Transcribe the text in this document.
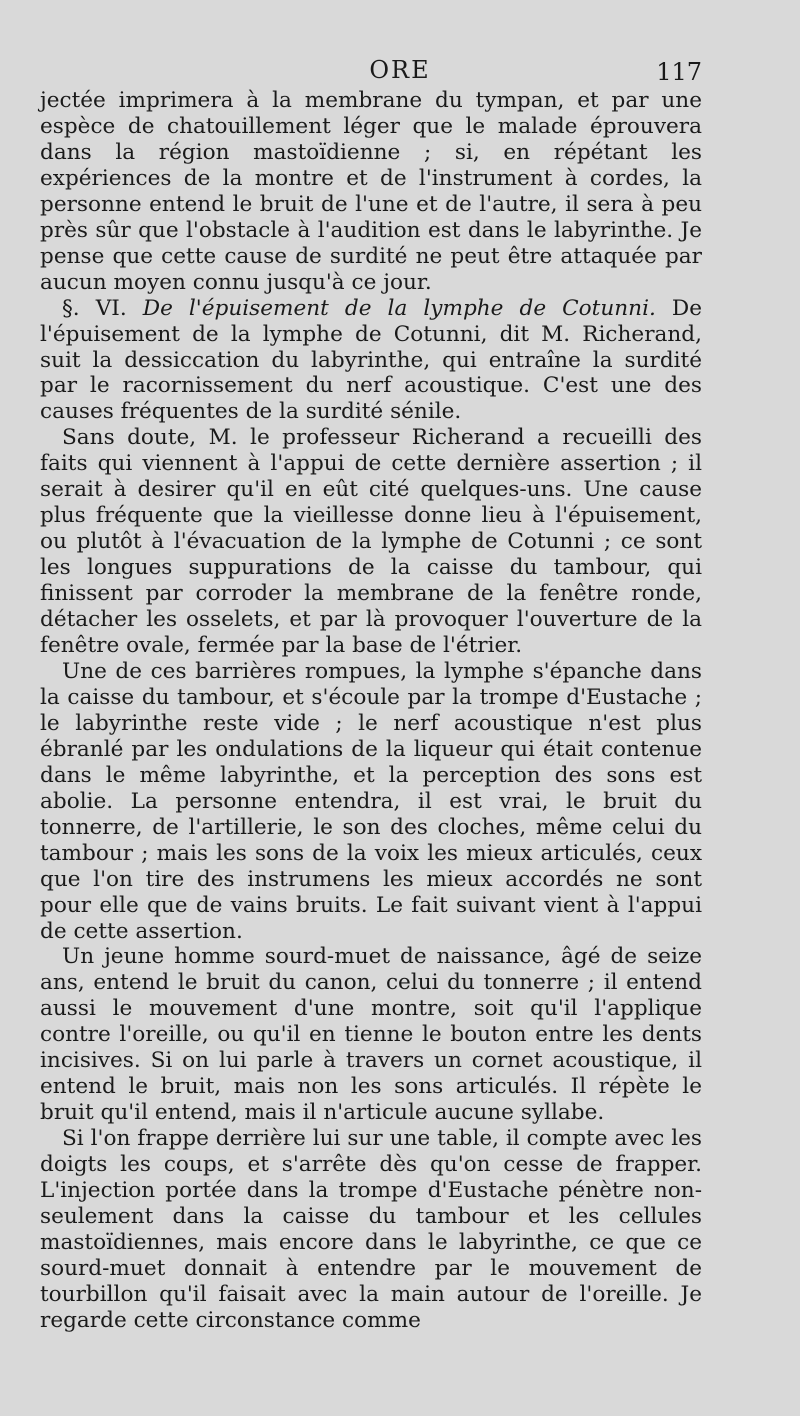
ORE	117

jectée imprimera à la membrane du tympan, et par une espèce de chatouillement léger que le malade éprouvera dans la région mastoïdienne ; si, en répétant les expériences de la montre et de l'instrument à cordes, la personne entend le bruit de l'une et de l'autre, il sera à peu près sûr que l'obstacle à l'audition est dans le labyrinthe. Je pense que cette cause de surdité ne peut être attaquée par aucun moyen connu jusqu'à ce jour.

§. VI. De l'épuisement de la lymphe de Cotunni. De l'épuisement de la lymphe de Cotunni, dit M. Richerand, suit la dessiccation du labyrinthe, qui entraîne la surdité par le racornissement du nerf acoustique. C'est une des causes fréquentes de la surdité sénile.

Sans doute, M. le professeur Richerand a recueilli des faits qui viennent à l'appui de cette dernière assertion ; il serait à desirer qu'il en eût cité quelques-uns. Une cause plus fréquente que la vieillesse donne lieu à l'épuisement, ou plutôt à l'évacuation de la lymphe de Cotunni ; ce sont les longues suppurations de la caisse du tambour, qui finissent par corroder la membrane de la fenêtre ronde, détacher les osselets, et par là provoquer l'ouverture de la fenêtre ovale, fermée par la base de l'étrier.

Une de ces barrières rompues, la lymphe s'épanche dans la caisse du tambour, et s'écoule par la trompe d'Eustache ; le labyrinthe reste vide ; le nerf acoustique n'est plus ébranlé par les ondulations de la liqueur qui était contenue dans le même labyrinthe, et la perception des sons est abolie. La personne entendra, il est vrai, le bruit du tonnerre, de l'artillerie, le son des cloches, même celui du tambour ; mais les sons de la voix les mieux articulés, ceux que l'on tire des instrumens les mieux accordés ne sont pour elle que de vains bruits. Le fait suivant vient à l'appui de cette assertion.

Un jeune homme sourd-muet de naissance, âgé de seize ans, entend le bruit du canon, celui du tonnerre ; il entend aussi le mouvement d'une montre, soit qu'il l'applique contre l'oreille, ou qu'il en tienne le bouton entre les dents incisives. Si on lui parle à travers un cornet acoustique, il entend le bruit, mais non les sons articulés. Il répète le bruit qu'il entend, mais il n'articule aucune syllabe.

Si l'on frappe derrière lui sur une table, il compte avec les doigts les coups, et s'arrête dès qu'on cesse de frapper. L'injection portée dans la trompe d'Eustache pénètre non-seulement dans la caisse du tambour et les cellules mastoïdiennes, mais encore dans le labyrinthe, ce que ce sourd-muet donnait à entendre par le mouvement de tourbillon qu'il faisait avec la main autour de l'oreille. Je regarde cette circonstance comme
